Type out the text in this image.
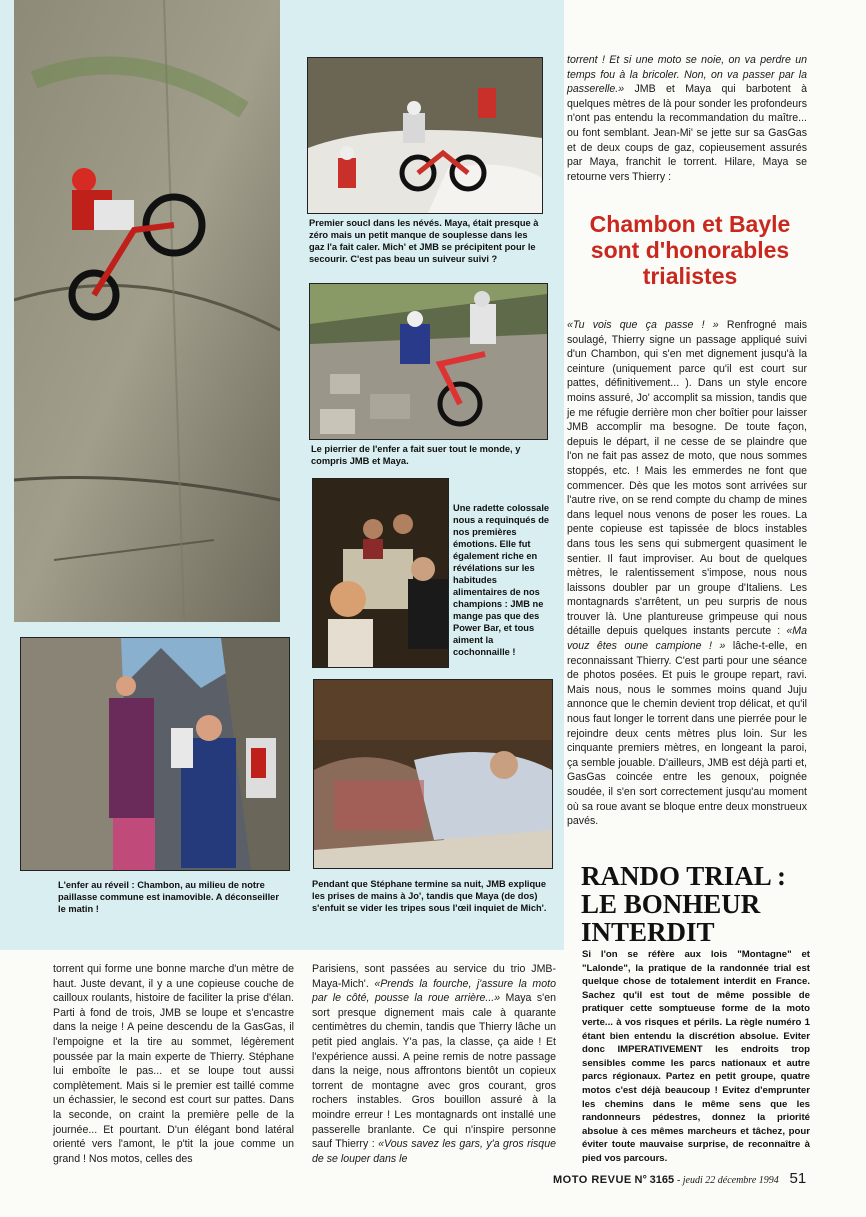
Premier soucI dans les névés. Maya, était presque à zéro mais un petit manque de souplesse dans les gaz l'a fait caler. Mich' et JMB se précipitent pour le secourir. C'est pas beau un suiveur suivi ?
Le pierrier de l'enfer a fait suer tout le monde, y compris JMB et Maya.
Une radette colossale nous a requinqués de nos premières émotions. Elle fut également riche en révélations sur les habitudes alimentaires de nos champions : JMB ne mange pas que des Power Bar, et tous aiment la cochonnaille !
L'enfer au réveil : Chambon, au milieu de notre paillasse commune est inamovible. A déconseiller le matin !
Pendant que Stéphane termine sa nuit, JMB explique les prises de mains à Jo', tandis que Maya (de dos) s'enfuit se vider les tripes sous l'œil inquiet de Mich'.
torrent ! Et si une moto se noie, on va perdre un temps fou à la bricoler. Non, on va passer par la passerelle.» JMB et Maya qui barbotent à quelques mètres de là pour sonder les profondeurs n'ont pas entendu la recommandation du maître... ou font semblant. Jean-Mi' se jette sur sa GasGas et de deux coups de gaz, copieusement assurés par Maya, franchit le torrent. Hilare, Maya se retourne vers Thierry :
Chambon et Bayle sont d'honorables trialistes
«Tu vois que ça passe ! » Renfrogné mais soulagé, Thierry signe un passage appliqué suivi d'un Chambon, qui s'en met dignement jusqu'à la ceinture (uniquement parce qu'il est court sur pattes, définitivement... ). Dans un style encore moins assuré, Jo' accomplit sa mission, tandis que je me réfugie derrière mon cher boîtier pour laisser JMB accomplir ma besogne. De toute façon, depuis le départ, il ne cesse de se plaindre que l'on ne fait pas assez de moto, que nous sommes stoppés, etc. ! Mais les emmerdes ne font que commencer. Dès que les motos sont arrivées sur l'autre rive, on se rend compte du champ de mines dans lequel nous venons de poser les roues. La pente copieuse est tapissée de blocs instables dans tous les sens qui submergent quasiment le sentier. Il faut improviser. Au bout de quelques mètres, le ralentissement s'impose, nous nous laissons doubler par un groupe d'Italiens. Les montagnards s'arrêtent, un peu surpris de nous trouver là. Une plantureuse grimpeuse qui nous détaille depuis quelques instants percute : «Ma vouz êtes oune campione ! » lâche-t-elle, en reconnaissant Thierry. C'est parti pour une séance de photos posées. Et puis le groupe repart, ravi. Mais nous, nous le sommes moins quand Juju annonce que le chemin devient trop délicat, et qu'il nous faut longer le torrent dans une pierrée pour le rejoindre deux cents mètres plus loin. Sur les cinquante premiers mètres, en longeant la paroi, ça semble jouable. D'ailleurs, JMB est déjà parti et, GasGas coincée entre les genoux, poignée soudée, il s'en sort correctement jusqu'au moment où sa roue avant se bloque entre deux monstrueux pavés.
RANDO TRIAL :
LE BONHEUR
INTERDIT
Si l'on se réfère aux lois "Montagne" et "Lalonde", la pratique de la randonnée trial est quelque chose de totalement interdit en France. Sachez qu'il est tout de même possible de pratiquer cette somptueuse forme de la moto verte... à vos risques et périls. La règle numéro 1 étant bien entendu la discrétion absolue. Eviter donc IMPERATIVEMENT les endroits trop sensibles comme les parcs nationaux et autre parcs régionaux. Partez en petit groupe, quatre motos c'est déjà beaucoup ! Evitez d'emprunter les chemins dans le même sens que les randonneurs pédestres, donnez la priorité absolue à ces mêmes marcheurs et tâchez, pour éviter toute mauvaise surprise, de reconnaître à pied vos parcours.
torrent qui forme une bonne marche d'un mètre de haut. Juste devant, il y a une copieuse couche de cailloux roulants, histoire de faciliter la prise d'élan. Parti à fond de trois, JMB se loupe et s'encastre dans la neige ! A peine descendu de la GasGas, il l'empoigne et la tire au sommet, légèrement poussée par la main experte de Thierry. Stéphane lui emboîte le pas... et se loupe tout aussi complètement. Mais si le premier est taillé comme un échassier, le second est court sur pattes. Dans la seconde, on craint la première pelle de la journée... Et pourtant. D'un élégant bond latéral orienté vers l'amont, le p'tit la joue comme un grand ! Nos motos, celles des
Parisiens, sont passées au service du trio JMB-Maya-Mich'. «Prends la fourche, j'assure la moto par le côté, pousse la roue arrière...» Maya s'en sort presque dignement mais cale à quarante centimètres du chemin, tandis que Thierry lâche un petit pied anglais. Y'a pas, la classe, ça aide ! Et l'expérience aussi. A peine remis de notre passage dans la neige, nous affrontons bientôt un copieux torrent de montagne avec gros courant, gros rochers instables. Gros bouillon assuré à la moindre erreur ! Les montagnards ont installé une passerelle branlante. Ce qui n'inspire personne sauf Thierry : «Vous savez les gars, y'a gros risque de se louper dans le
MOTO REVUE N° 3165 - jeudi 22 décembre 1994 51
